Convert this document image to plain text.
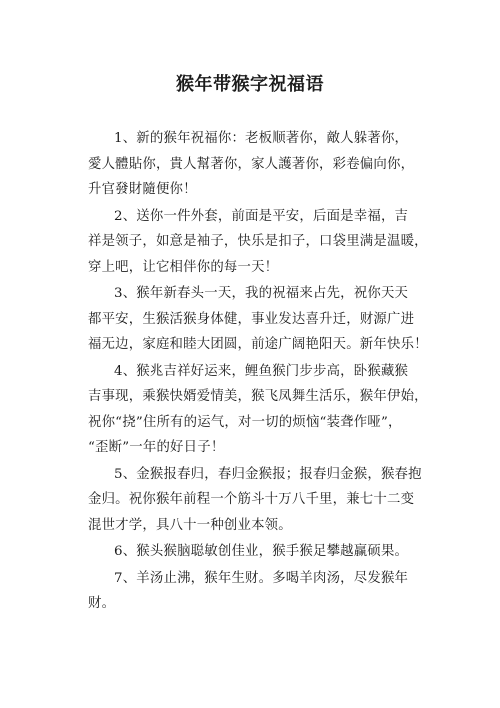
猴年带猴字祝福语
1、新的猴年祝福你：老板顺著你，敵人躲著你，
愛人體貼你，貴人幫著你，家人護著你，彩卷偏向你，
升官發財隨便你！
2、送你一件外套，前面是平安，后面是幸福，吉
祥是领子，如意是袖子，快乐是扣子，口袋里满是温暖，
穿上吧，让它相伴你的每一天！
3、猴年新春头一天，我的祝福来占先，祝你天天
都平安，生猴活猴身体健，事业发达喜升迁，财源广进
福无边，家庭和睦大团圆，前途广阔艳阳天。新年快乐！
4、猴兆吉祥好运来，鲤鱼猴门步步高，卧猴藏猴
吉事现，乘猴快婿爱情美，猴飞凤舞生活乐，猴年伊始，
祝你“挠”住所有的运气，对一切的烦恼“装聋作哑”，
“歪断”一年的好日子！
5、金猴报春归，春归金猴报；报春归金猴，猴春抱
金归。祝你猴年前程一个筋斗十万八千里，兼七十二变
混世才学，具八十一种创业本领。
6、猴头猴脑聪敏创佳业，猴手猴足攀越赢硕果。
7、羊汤止沸，猴年生财。多喝羊肉汤，尽发猴年
财。
